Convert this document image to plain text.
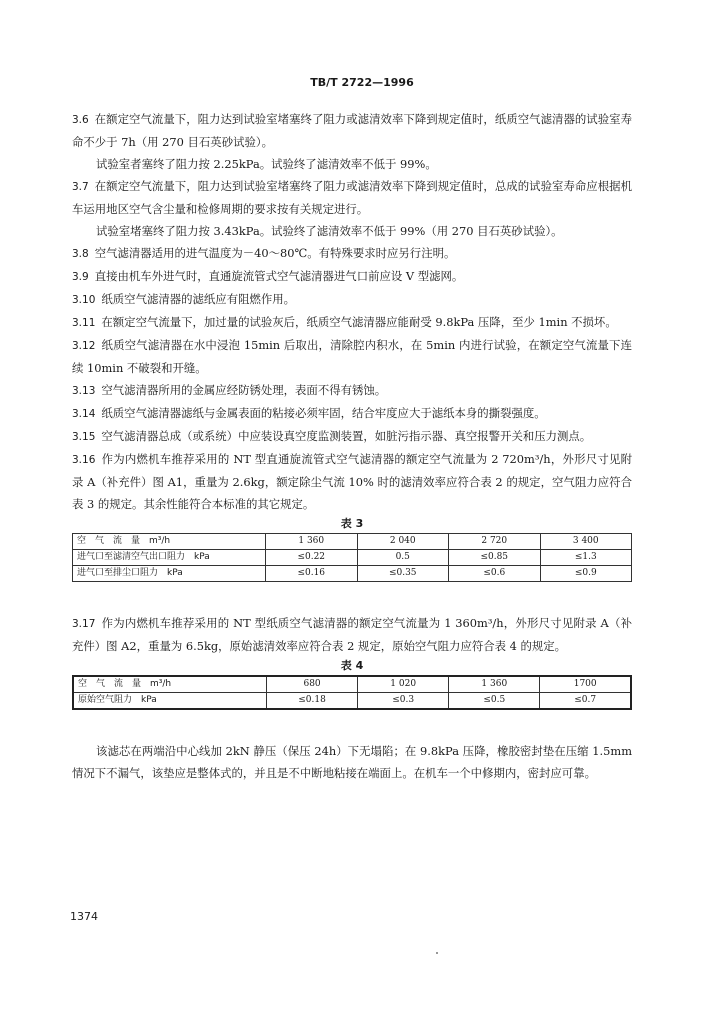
TB/T 2722—1996

3.6 在额定空气流量下，阻力达到试验室堵塞终了阻力或滤清效率下降到规定值时，纸质空气滤清器的试验室寿命不少于 7h（用 270 目石英砂试验）。

试验室者塞终了阻力按 2.25kPa。试验终了滤清效率不低于 99%。

3.7 在额定空气流量下，阻力达到试验室堵塞终了阻力或滤清效率下降到规定值时，总成的试验室寿命应根据机车运用地区空气含尘量和检修周期的要求按有关规定进行。

试验室堵塞终了阻力按 3.43kPa。试验终了滤清效率不低于 99%（用 270 目石英砂试验）。

3.8 空气滤清器适用的进气温度为－40～80℃。有特殊要求时应另行注明。

3.9 直接由机车外进气时，直通旋流管式空气滤清器进气口前应设 V 型滤网。

3.10 纸质空气滤清器的滤纸应有阻燃作用。

3.11 在额定空气流量下，加过量的试验灰后，纸质空气滤清器应能耐受 9.8kPa 压降，至少 1min 不损坏。

3.12 纸质空气滤清器在水中浸泡 15min 后取出，清除腔内积水，在 5min 内进行试验，在额定空气流量下连续 10min 不破裂和开缝。

3.13 空气滤清器所用的金属应经防锈处理，表面不得有锈蚀。

3.14 纸质空气滤清器滤纸与金属表面的粘接必须牢固，结合牢度应大于滤纸本身的撕裂强度。

3.15 空气滤清器总成（或系统）中应装设真空度监测装置，如脏污指示器、真空报警开关和压力测点。

3.16 作为内燃机车推荐采用的 NT 型直通旋流管式空气滤清器的额定空气流量为 2 720m³/h，外形尺寸见附录 A（补充件）图 A1，重量为 2.6kg，额定除尘气流 10% 时的滤清效率应符合表 2 的规定，空气阻力应符合表 3 的规定。其余性能符合本标准的其它规定。

表 3

空　气　流　量　m³/h	1 360	2 040	2 720	3 400
进气口至滤清空气出口阻力　kPa	≤0.22	0.5	≤0.85	≤1.3
进气口至排尘口阻力　kPa	≤0.16	≤0.35	≤0.6	≤0.9

3.17 作为内燃机车推荐采用的 NT 型纸质空气滤清器的额定空气流量为 1 360m³/h，外形尺寸见附录 A（补充件）图 A2，重量为 6.5kg，原始滤清效率应符合表 2 规定，原始空气阻力应符合表 4 的规定。

表 4

空　气　流　量　m³/h	680	1 020	1 360	1700
原始空气阻力　kPa	≤0.18	≤0.3	≤0.5	≤0.7

该滤芯在两端沿中心线加 2kN 静压（保压 24h）下无塌陷；在 9.8kPa 压降，橡胶密封垫在压缩 1.5mm 情况下不漏气，该垫应是整体式的，并且是不中断地粘接在端面上。在机车一个中修期内，密封应可靠。

1374
